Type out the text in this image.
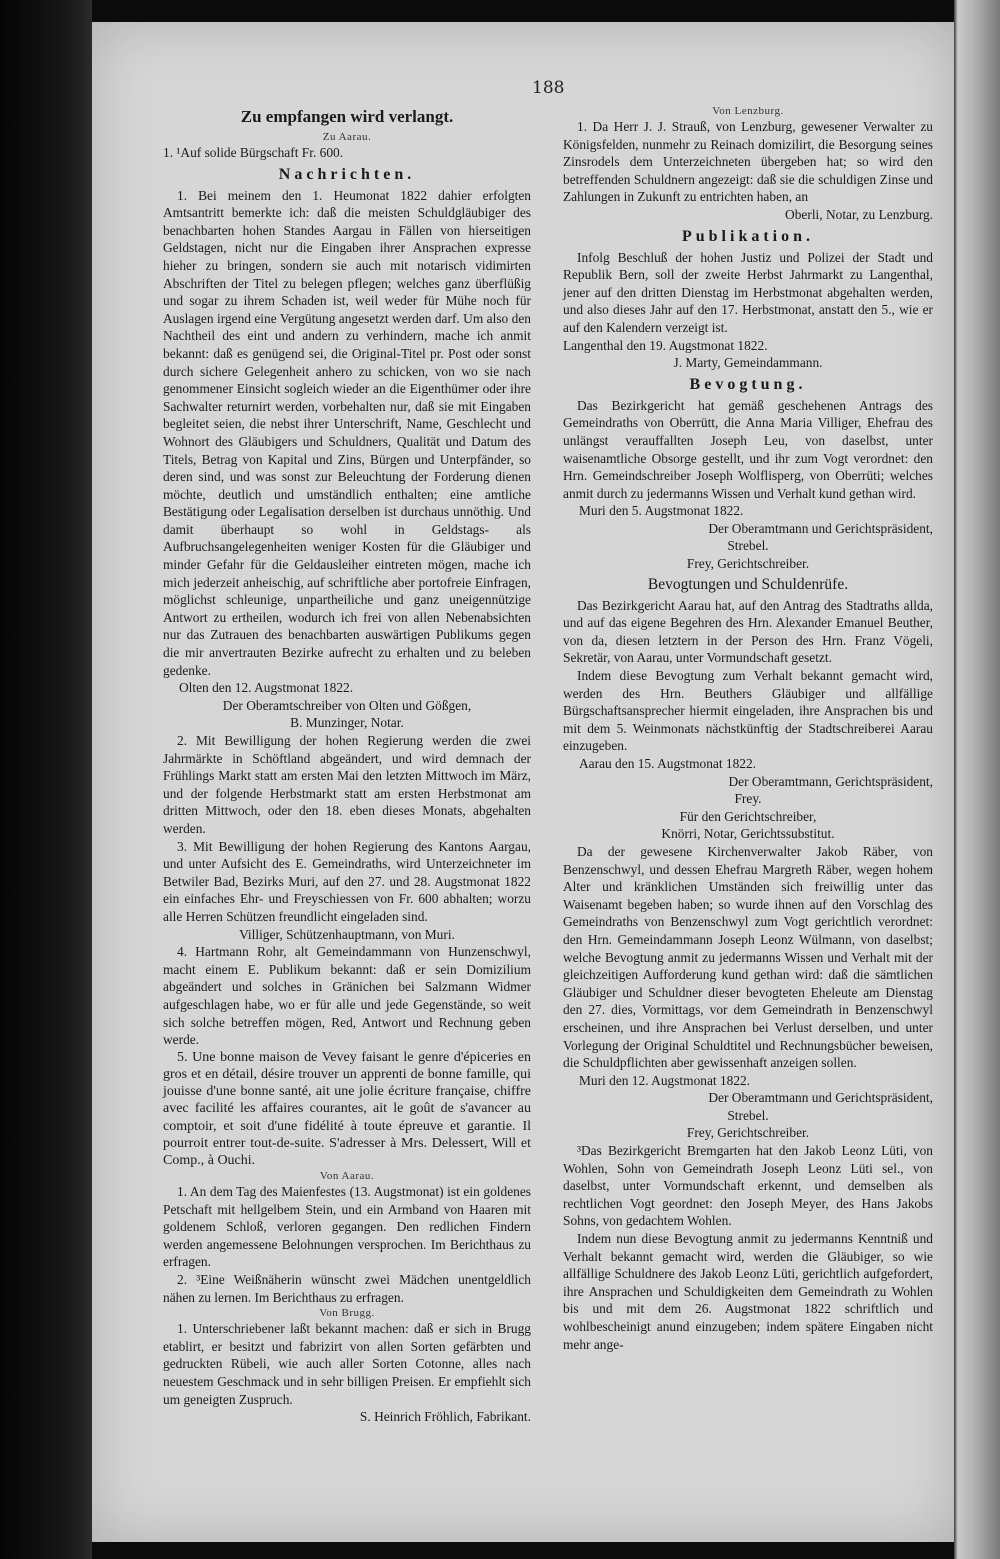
188
Zu empfangen wird verlangt.
Zu Aarau.

1. ¹Auf solide Bürgschaft Fr. 600.

Nachrichten.

1. Bei meinem den 1. Heumonat 1822 dahier erfolgten Amtsantritt bemerkte ich: daß die meisten Schuldgläubiger des benachbarten hohen Standes Aargau in Fällen von hierseitigen Geldstagen, nicht nur die Eingaben ihrer Ansprachen expresse hieher zu bringen, sondern sie auch mit notarisch vidimirten Abschriften der Titel zu belegen pflegen; welches ganz überflüßig und sogar zu ihrem Schaden ist, weil weder für Mühe noch für Auslagen irgend eine Vergütung angesetzt werden darf. Um also den Nachtheil des eint und andern zu verhindern, mache ich anmit bekannt: daß es genügend sei, die Original-Titel pr. Post oder sonst durch sichere Gelegenheit anhero zu schicken, von wo sie nach genommener Einsicht sogleich wieder an die Eigenthümer oder ihre Sachwalter returnirt werden, vorbehalten nur, daß sie mit Eingaben begleitet seien, die nebst ihrer Unterschrift, Name, Geschlecht und Wohnort des Gläubigers und Schuldners, Qualität und Datum des Titels, Betrag von Kapital und Zins, Bürgen und Unterpfänder, so deren sind, und was sonst zur Beleuchtung der Forderung dienen möchte, deutlich und umständlich enthalten; eine amtliche Bestätigung oder Legalisation derselben ist durchaus unnöthig. Und damit überhaupt so wohl in Geldstags- als Aufbruchsangelegenheiten weniger Kosten für die Gläubiger und minder Gefahr für die Geldausleiher eintreten mögen, mache ich mich jederzeit anheischig, auf schriftliche aber portofreie Einfragen, möglichst schleunige, unpartheiliche und ganz uneigennützige Antwort zu ertheilen, wodurch ich frei von allen Nebenabsichten nur das Zutrauen des benachbarten auswärtigen Publikums gegen die mir anvertrauten Bezirke aufrecht zu erhalten und zu beleben gedenke.

Olten den 12. Augstmonat 1822.

Der Oberamtschreiber von Olten und Gößgen,

B. Munzinger, Notar.

2. Mit Bewilligung der hohen Regierung werden die zwei Jahrmärkte in Schöftland abgeändert, und wird demnach der Frühlings Markt statt am ersten Mai den letzten Mittwoch im März, und der folgende Herbstmarkt statt am ersten Herbstmonat am dritten Mittwoch, oder den 18. eben dieses Monats, abgehalten werden.

3. Mit Bewilligung der hohen Regierung des Kantons Aargau, und unter Aufsicht des E. Gemeindraths, wird Unterzeichneter im Betwiler Bad, Bezirks Muri, auf den 27. und 28. Augstmonat 1822 ein einfaches Ehr- und Freyschiessen von Fr. 600 abhalten; worzu alle Herren Schützen freundlicht eingeladen sind.

Villiger, Schützenhauptmann, von Muri.

4. Hartmann Rohr, alt Gemeindammann von Hunzenschwyl, macht einem E. Publikum bekannt: daß er sein Domizilium abgeändert und solches in Gränichen bei Salzmann Widmer aufgeschlagen habe, wo er für alle und jede Gegenstände, so weit sich solche betreffen mögen, Red, Antwort und Rechnung geben werde.

5. Une bonne maison de Vevey faisant le genre d'épiceries en gros et en détail, désire trouver un apprenti de bonne famille, qui jouisse d'une bonne santé, ait une jolie écriture française, chiffre avec facilité les affaires courantes, ait le goût de s'avancer au comptoir, et soit d'une fidélité à toute épreuve et garantie. Il pourroit entrer tout-de-suite. S'adresser à Mrs. Delessert, Will et Comp., à Ouchi.

Von Aarau.

1. An dem Tag des Maienfestes (13. Augstmonat) ist ein goldenes Petschaft mit hellgelbem Stein, und ein Armband von Haaren mit goldenem Schloß, verloren gegangen. Den redlichen Findern werden angemessene Belohnungen versprochen. Im Berichthaus zu erfragen.

2. ³Eine Weißnäherin wünscht zwei Mädchen unentgeldlich nähen zu lernen. Im Berichthaus zu erfragen.

Von Brugg.

1. Unterschriebener laßt bekannt machen: daß er sich in Brugg etablirt, er besitzt und fabrizirt von allen Sorten gefärbten und gedruckten Rübeli, wie auch aller Sorten Cotonne, alles nach neuestem Geschmack und in sehr billigen Preisen. Er empfiehlt sich um geneigten Zuspruch.

S. Heinrich Fröhlich, Fabrikant.

Von Lenzburg.

1. Da Herr J. J. Strauß, von Lenzburg, gewesener Verwalter zu Königsfelden, nunmehr zu Reinach domizilirt, die Besorgung seines Zinsrodels dem Unterzeichneten übergeben hat; so wird den betreffenden Schuldnern angezeigt: daß sie die schuldigen Zinse und Zahlungen in Zukunft zu entrichten haben, an

Oberli, Notar, zu Lenzburg.

Publikation.

Infolg Beschluß der hohen Justiz und Polizei der Stadt und Republik Bern, soll der zweite Herbst Jahrmarkt zu Langenthal, jener auf den dritten Dienstag im Herbstmonat abgehalten werden, und also dieses Jahr auf den 17. Herbstmonat, anstatt den 5., wie er auf den Kalendern verzeigt ist.

Langenthal den 19. Augstmonat 1822.

J. Marty, Gemeindammann.

Bevogtung.

Das Bezirkgericht hat gemäß geschehenen Antrags des Gemeindraths von Oberrütt, die Anna Maria Villiger, Ehefrau des unlängst verauffallten Joseph Leu, von daselbst, unter waisenamtliche Obsorge gestellt, und ihr zum Vogt verordnet: den Hrn. Gemeindschreiber Joseph Wolflisperg, von Oberrüti; welches anmit durch zu jedermanns Wissen und Verhalt kund gethan wird.

Muri den 5. Augstmonat 1822.

Der Oberamtmann und Gerichtspräsident,

Strebel.

Frey, Gerichtschreiber.

Bevogtungen und Schuldenrüfe.

Das Bezirkgericht Aarau hat, auf den Antrag des Stadtraths allda, und auf das eigene Begehren des Hrn. Alexander Emanuel Beuther, von da, diesen letztern in der Person des Hrn. Franz Vögeli, Sekretär, von Aarau, unter Vormundschaft gesetzt.

Indem diese Bevogtung zum Verhalt bekannt gemacht wird, werden des Hrn. Beuthers Gläubiger und allfällige Bürgschaftsansprecher hiermit eingeladen, ihre Ansprachen bis und mit dem 5. Weinmonats nächstkünftig der Stadtschreiberei Aarau einzugeben.

Aarau den 15. Augstmonat 1822.

Der Oberamtmann, Gerichtspräsident,

Frey.

Für den Gerichtschreiber,

Knörri, Notar, Gerichtssubstitut.

Da der gewesene Kirchenverwalter Jakob Räber, von Benzenschwyl, und dessen Ehefrau Margreth Räber, wegen hohem Alter und kränklichen Umständen sich freiwillig unter das Waisenamt begeben haben; so wurde ihnen auf den Vorschlag des Gemeindraths von Benzenschwyl zum Vogt gerichtlich verordnet: den Hrn. Gemeindammann Joseph Leonz Wülmann, von daselbst; welche Bevogtung anmit zu jedermanns Wissen und Verhalt mit der gleichzeitigen Aufforderung kund gethan wird: daß die sämtlichen Gläubiger und Schuldner dieser bevogteten Eheleute am Dienstag den 27. dies, Vormittags, vor dem Gemeindrath in Benzenschwyl erscheinen, und ihre Ansprachen bei Verlust derselben, und unter Vorlegung der Original Schuldtitel und Rechnungsbücher beweisen, die Schuldpflichten aber gewissenhaft anzeigen sollen.

Muri den 12. Augstmonat 1822.

Der Oberamtmann und Gerichtspräsident,

Strebel.

Frey, Gerichtschreiber.

³Das Bezirkgericht Bremgarten hat den Jakob Leonz Lüti, von Wohlen, Sohn von Gemeindrath Joseph Leonz Lüti sel., von daselbst, unter Vormundschaft erkennt, und demselben als rechtlichen Vogt geordnet: den Joseph Meyer, des Hans Jakobs Sohns, von gedachtem Wohlen.

Indem nun diese Bevogtung anmit zu jedermanns Kenntniß und Verhalt bekannt gemacht wird, werden die Gläubiger, so wie allfällige Schuldnere des Jakob Leonz Lüti, gerichtlich aufgefordert, ihre Ansprachen und Schuldigkeiten dem Gemeindrath zu Wohlen bis und mit dem 26. Augstmonat 1822 schriftlich und wohlbescheinigt anund einzugeben; indem spätere Eingaben nicht mehr ange-
